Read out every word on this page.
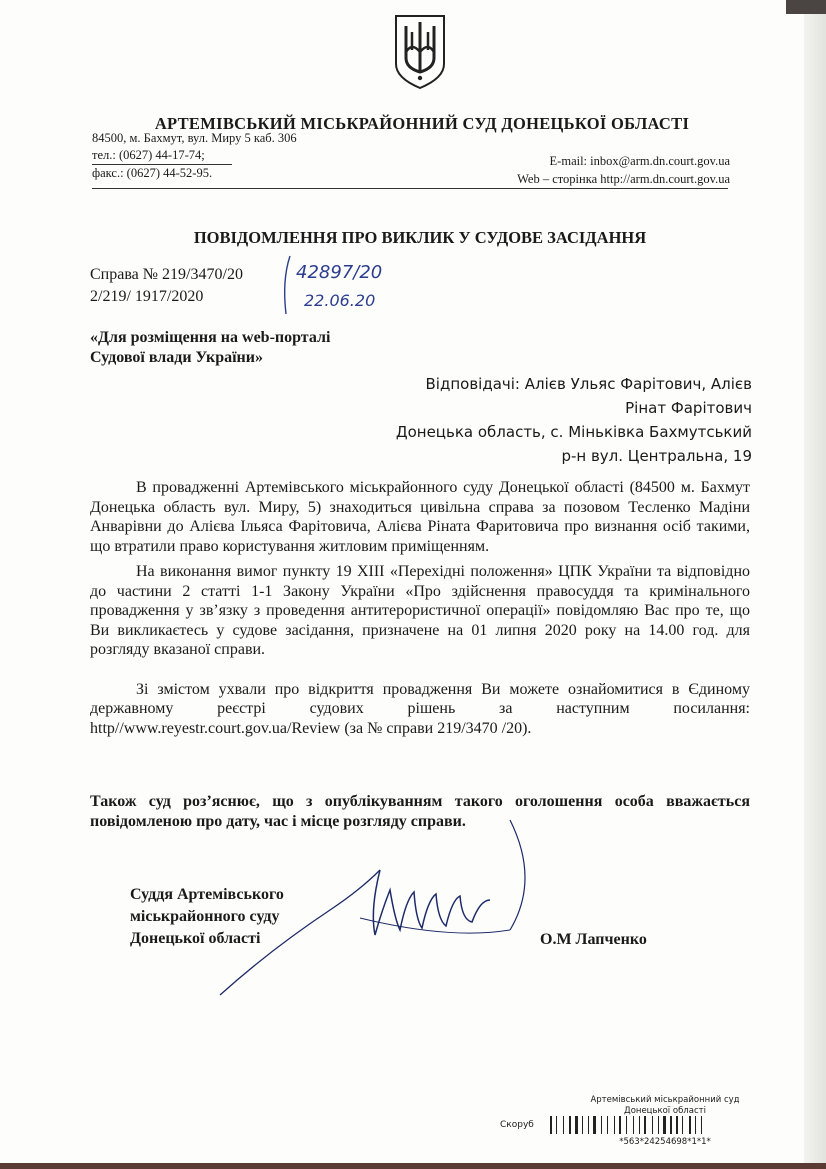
АРТЕМІВСЬКИЙ МІСЬКРАЙОННИЙ СУД ДОНЕЦЬКОЇ ОБЛАСТІ
84500, м. Бахмут, вул. Миру 5 каб. 306
тел.: (0627) 44-17-74;
факс.: (0627) 44-52-95.
E-mail: inbox@arm.dn.court.gov.ua
Web – сторінка http://arm.dn.court.gov.ua
ПОВІДОМЛЕННЯ ПРО ВИКЛИК У СУДОВЕ ЗАСІДАННЯ
Справа № 219/3470/20
2/219/ 1917/2020
42897/20
22.06.20
«Для розміщення на web-порталі
Судової влади України»
Відповідачі: Алієв Ульяс Фарітович, Алієв
Рінат Фарітович
Донецька область, с. Міньківка Бахмутський
р-н вул. Центральна, 19

В провадженні Артемівського міськрайонного суду Донецької області (84500 м. Бахмут Донецька область вул. Миру, 5) знаходиться цивільна справа за позовом Тесленко Мадіни Анварівни до Алієва Ільяса Фарітовича, Алієва Ріната Фаритовича про визнання осіб такими, що втратили право користування житловим приміщенням.

На виконання вимог пункту 19 XIII «Перехідні положення» ЦПК України та відповідно до частини 2 статті 1-1 Закону України «Про здійснення правосуддя та кримінального провадження у зв’язку з проведення антитерористичної операції» повідомляю Вас про те, що Ви викликаєтесь у судове засідання, призначене на 01 липня 2020 року на 14.00 год. для розгляду вказаної справи.

Зі змістом ухвали про відкриття провадження Ви можете ознайомитися в Єдиному державному реєстрі судових рішень за наступним посилання: http//www.reyestr.court.gov.ua/Review (за № справи 219/3470 /20).

Також суд роз’яснює, що з опублікуванням такого оголошення особа вважається повідомленою про дату, час і місце розгляду справи.
Суддя Артемівського
міськрайонного суду
Донецької області	О.М Лапченко
Артемівський міськрайонний суд
Донецької області
Скоруб
*563*24254698*1*1*
